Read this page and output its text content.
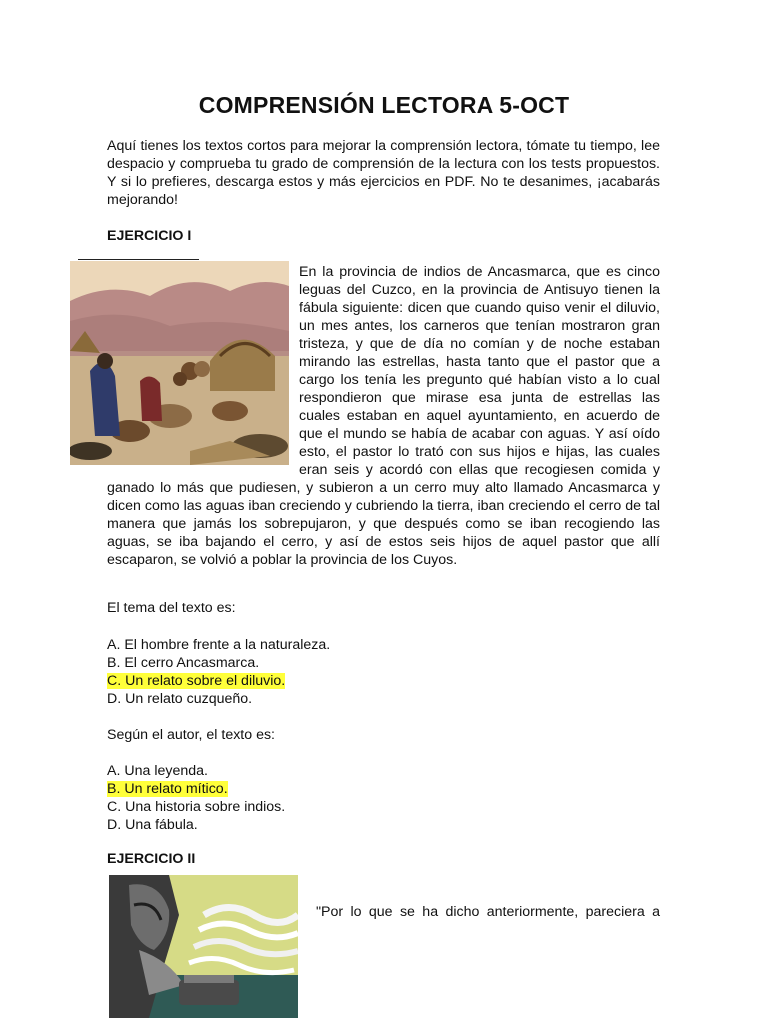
COMPRENSIÓN LECTORA 5-OCT
Aquí tienes los textos cortos para mejorar la comprensión lectora, tómate tu tiempo, lee despacio y comprueba tu grado de comprensión de la lectura con los tests propuestos. Y si lo prefieres, descarga estos y más ejercicios en PDF. No te desanimes, ¡acabarás mejorando!
EJERCICIO I

En la provincia de indios de Ancasmarca, que es cinco leguas del Cuzco, en la provincia de Antisuyo tienen la fábula siguiente: dicen que cuando quiso venir el diluvio, un mes antes, los carneros que tenían mostraron gran tristeza, y que de día no comían y de noche estaban mirando las estrellas, hasta tanto que el pastor que a cargo los tenía les pregunto qué habían visto a lo cual respondieron que mirase esa junta de estrellas las cuales estaban en aquel ayuntamiento, en acuerdo de que el mundo se había de acabar con aguas. Y así oído esto, el pastor lo trató con sus hijos e hijas, las cuales eran seis y acordó con ellas que recogiesen comida y ganado lo más que pudiesen, y subieron a un cerro muy alto llamado Ancasmarca y dicen como las aguas iban creciendo y cubriendo la tierra, iban creciendo el cerro de tal manera que jamás los sobrepujaron, y que después como se iban recogiendo las aguas, se iba bajando el cerro, y así de estos seis hijos de aquel pastor que allí escaparon, se volvió a poblar la provincia de los Cuyos.

El tema del texto es:
A. El hombre frente a la naturaleza.
B. El cerro Ancasmarca.
C. Un relato sobre el diluvio.
D. Un relato cuzqueño.
Según el autor, el texto es:
A. Una leyenda.
B. Un relato mítico.
C. Una historia sobre indios.
D. Una fábula.
EJERCICIO II
"Por lo que se ha dicho anteriormente, pareciera a
